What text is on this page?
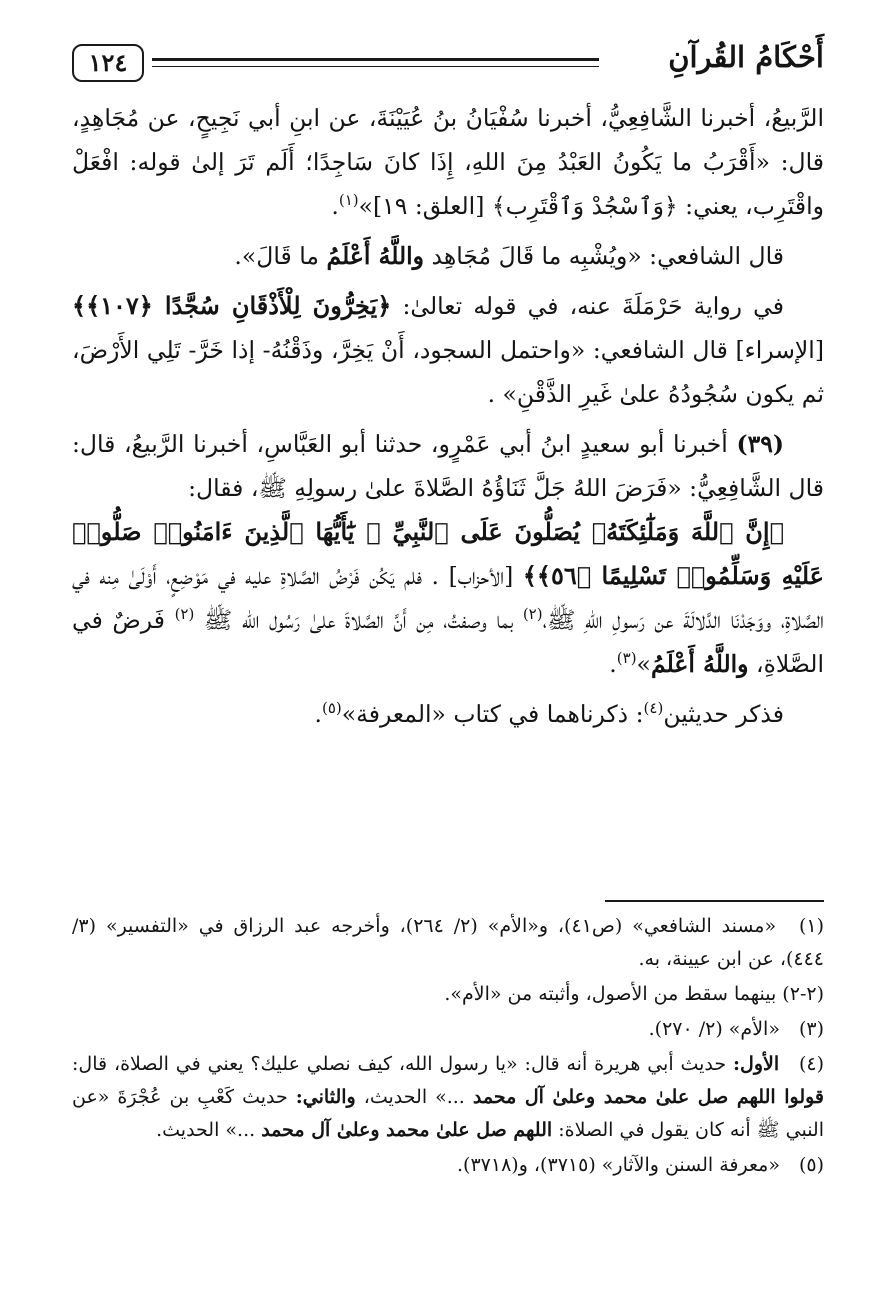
أَحْكَامُ القُرآنِ
١٢٤

الرَّبيعُ، أخبرنا الشَّافِعِيُّ، أخبرنا سُفْيَانُ بنُ عُيَيْنَةَ، عن ابنِ أبي نَجِيحٍ، عن مُجَاهِدٍ، قال: «أَقْرَبُ ما يَكُونُ العَبْدُ مِنَ اللهِ، إِذَا كانَ سَاجِدًا؛ أَلَم تَرَ إلىٰ قوله: افْعَلْ واقْتَرِب، يعني: ﴿وَٱسْجُدْ وَٱقْتَرِب﴾ [العلق: ١٩]»$^{(١)}$.

قال الشافعي: «ويُشْبِه ما قَالَ مُجَاهِد واللَّهُ أَعْلَمُ ما قَالَ».

في رواية حَرْمَلَةَ عنه، في قوله تعالىٰ: ﴿يَخِرُّونَ لِلْأَذْقَانِ سُجَّدًا ﴿١٠٧﴾﴾ [الإسراء] قال الشافعي: «واحتمل السجود، أَنْ يَخِرَّ، وذَقْنُهُ- إذا خَرَّ- تَلِي الأَرْضَ، ثم يكون سُجُودُهُ علىٰ غَيرِ الذَّقْنِ» .

(٣٩) أخبرنا أبو سعيدٍ ابنُ أبي عَمْرٍو، حدثنا أبو العَبَّاسِ، أخبرنا الرَّبيعُ، قال: قال الشَّافِعِيُّ: «فَرَضَ اللهُ جَلَّ ثَنَاؤُهُ الصَّلاةَ علىٰ رسولِهِ ﷺ، فقال:

﴿إِنَّ ٱللَّهَ وَمَلَٰٓئِكَتَهُۥ يُصَلُّونَ عَلَى ٱلنَّبِيِّ ۚ يَٰٓأَيُّهَا ٱلَّذِينَ ءَامَنُوا۟ صَلُّوا۟ عَلَيْهِ وَسَلِّمُوا۟ تَسْلِيمًا ﴿٥٦﴾﴾ [الأحزاب] . فلم يَكُن فَرْضُ الصَّلاةِ عليه في مَوْضِعٍ، أَوْلَىٰ مِنه في الصَّلاةِ، ووَجَدْنَا الدَّلالَةَ عن رَسولِ اللهِ ﷺ،$^{(٢)}$ بما وصفتُ، مِن أَنَّ الصَّلاةَ علىٰ رَسُول الله ﷺ $^{(٢)}$ فَرضٌ في الصَّلاةِ، واللَّهُ أَعْلَمُ»$^{(٣)}$.

فذكر حديثين$^{(٤)}$: ذكرناهما في كتاب «المعرفة»$^{(٥)}$.

(١) «مسند الشافعي» (ص٤١)، و«الأم» (٢/ ٢٦٤)، وأخرجه عبد الرزاق في «التفسير» (٣/ ٤٤٤)، عن ابن عيينة، به.

(٢-٢) بينهما سقط من الأصول، وأثبته من «الأم».

(٣) «الأم» (٢/ ٢٧٠).

(٤) الأول: حديث أبي هريرة أنه قال: «يا رسول الله، كيف نصلي عليك؟ يعني في الصلاة، قال: قولوا اللهم صل علىٰ محمد وعلىٰ آل محمد ...» الحديث، والثاني: حديث كَعْبِ بن عُجْرَةَ «عن النبي ﷺ أنه كان يقول في الصلاة: اللهم صل علىٰ محمد وعلىٰ آل محمد ...» الحديث.

(٥) «معرفة السنن والآثار» (٣٧١٥)، و(٣٧١٨).
